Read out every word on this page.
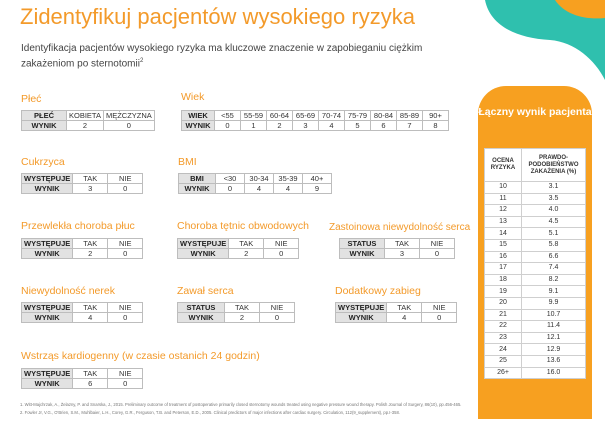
Zidentyfikuj pacjentów wysokiego ryzyka
Identyfikacja pacjentów wysokiego ryzyka ma kluczowe znaczenie w zapobieganiu ciężkim zakażeniom po sternotomii$^2$
Płeć
PŁEĆ	KOBIETA	MĘŻCZYZNA
WYNIK	2	0
Wiek
WIEK	<55	55-59	60-64	65-69	70-74	75-79	80-84	85-89	90+
WYNIK	0	1	2	3	4	5	6	7	8
Cukrzyca
WYSTĘPUJE	TAK	NIE
WYNIK	3	0
BMI
BMI	<30	30-34	35-39	40+
WYNIK	0	4	4	9
Przewlekła choroba płuc
WYSTĘPUJE	TAK	NIE
WYNIK	2	0
Choroba tętnic obwodowych
WYSTĘPUJE	TAK	NIE
WYNIK	2	0
Zastoinowa niewydolność serca
STATUS	TAK	NIE
WYNIK	3	0
Niewydolność nerek
WYSTĘPUJE	TAK	NIE
WYNIK	4	0
Zawał serca
STATUS	TAK	NIE
WYNIK	2	0
Dodatkowy zabieg
WYSTĘPUJE	TAK	NIE
WYNIK	4	0
Wstrząs kardiogenny (w czasie ostanich 24 godzin)
WYSTĘPUJE	TAK	NIE
WYNIK	6	0
Łączny wynik pacjenta
OCENA RYZYKA	PRAWDO- PODOBIEŃSTWO ZAKAŻENIA (%)
10	3.1
11	3.5
12	4.0
13	4.5
14	5.1
15	5.8
16	6.6
17	7.4
18	8.2
19	9.1
20	9.9
21	10.7
22	11.4
23	12.1
24	12.9
25	13.6
26+	16.0
1. Witt-Majchrzak, A., Żelazny, P. and Snarska, J., 2015. Preliminary outcome of treatment of postoperative primarily closed sternotomy wounds treated using negative pressure wound therapy. Polish Journal of Surgery, 86(10), pp.456-465.
2. Fowler Jr, V.G., O'Brien, S.M., Muhlbaier, L.H., Corey, G.R., Ferguson, T.B. and Peterson, E.D., 2005. Clinical predictors of major infections after cardiac surgery. Circulation, 112(9_supplement), pp.I-358.
